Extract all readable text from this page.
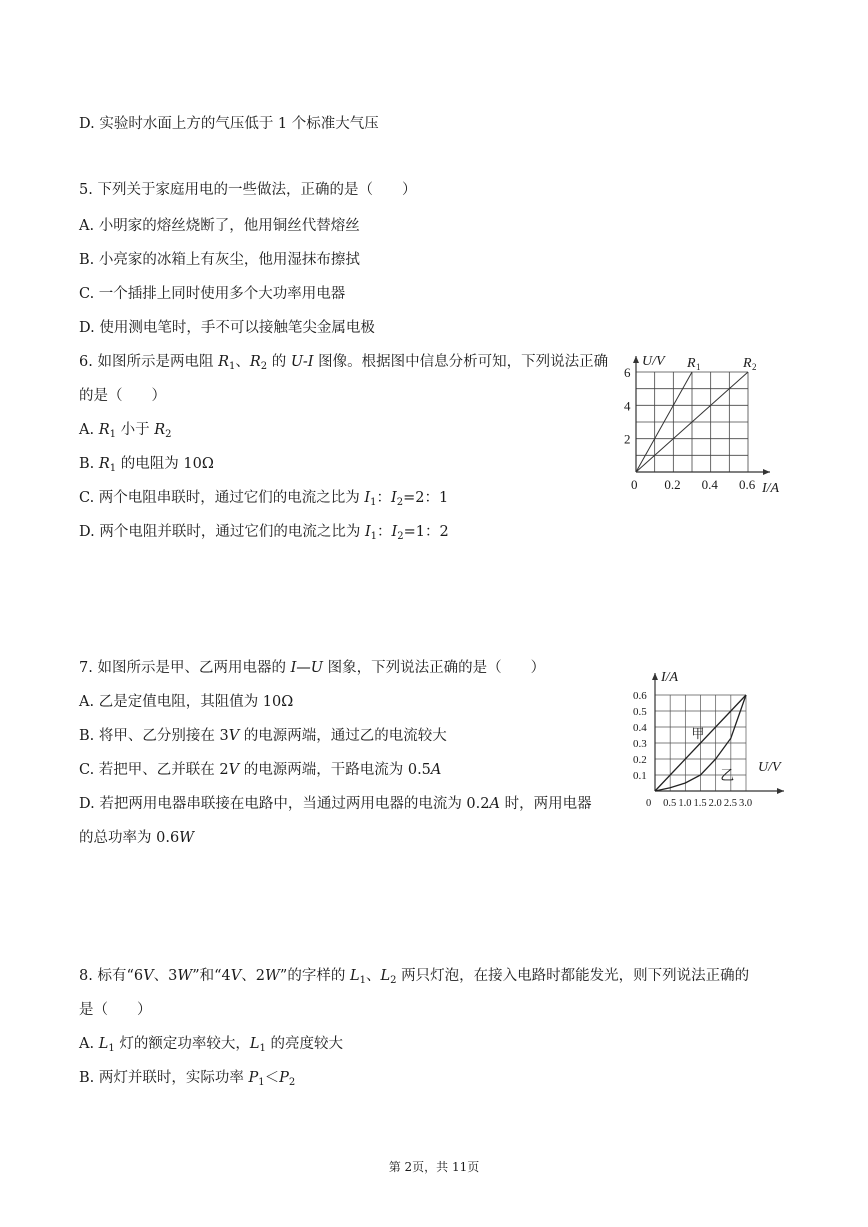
D. 实验时水面上方的气压低于 1 个标准大气压
5. 下列关于家庭用电的一些做法，正确的是（　　）
A. 小明家的熔丝烧断了，他用铜丝代替熔丝
B. 小亮家的冰箱上有灰尘，他用湿抹布擦拭
C. 一个插排上同时使用多个大功率用电器
D. 使用测电笔时，手不可以接触笔尖金属电极
6. 如图所示是两电阻 $R_1$、$R_2$ 的 U-I 图像。根据图中信息分析可知，下列说法正确
的是（　　）
A. $R_1$ 小于 $R_2$
B. $R_1$ 的电阻为 10Ω
C. 两个电阻串联时，通过它们的电流之比为 $I_1$：$I_2=2$：1
D. 两个电阻并联时，通过它们的电流之比为 $I_1$：$I_2=1$：2
7. 如图所示是甲、乙两用电器的 I—U 图象，下列说法正确的是（　　）
A. 乙是定值电阻，其阻值为 10Ω
B. 将甲、乙分别接在 3V 的电源两端，通过乙的电流较大
C. 若把甲、乙并联在 2V 的电源两端，干路电流为 0.5A
D. 若把两用电器串联接在电路中，当通过两用电器的电流为 0.2A 时，两用电器
的总功率为 0.6W
8. 标有“6V、3W”和“4V、2W”的字样的 $L_1$、$L_2$ 两只灯泡，在接入电路时都能发光，则下列说法正确的
是（　　）
A. $L_1$ 灯的额定功率较大，$L_1$ 的亮度较大
B. 两灯并联时，实际功率 $P_1<P_2$
R 1	R 2
2
4
6
0 0.2 0.4 0.6 I/A
U/V
甲
乙
0.1
0.2
0.3
0.4
0.5
0.6
0 0.5 1.0 1.5 2.0 2.5 3.0
U/V
I/A
第 2页，共 11页
